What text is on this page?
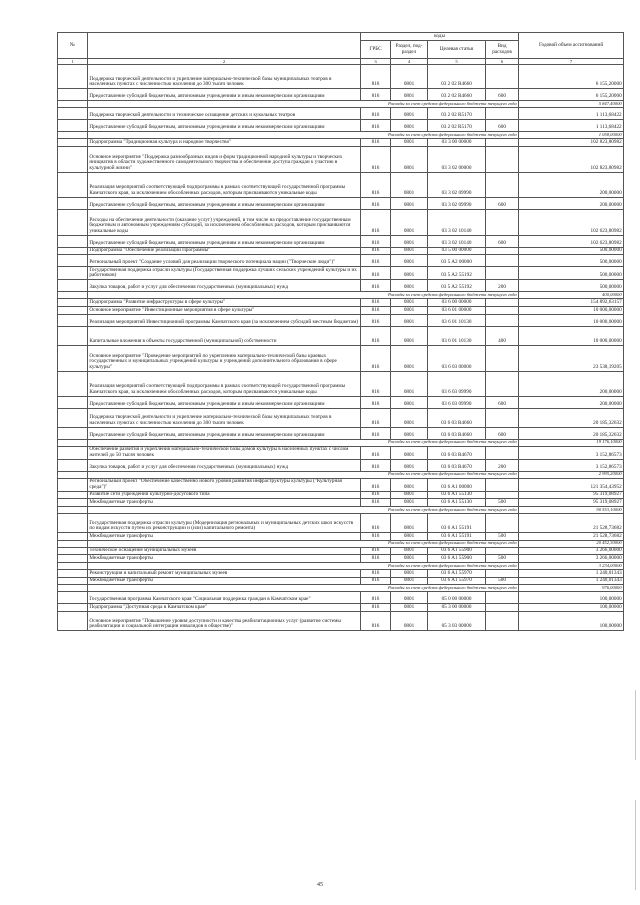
№		коды				Годовой объем ассигнований
		ГРБС	Раздел, под-раздел	Целевая статья	Вид расходов	
1	2	3	4	5	6	7
	Поддержка творческой деятельности и укрепление материально-технической базы муниципальных театров в населенных пунктах с численностью населения до 300 тысяч человек	816	0801	03 2 02 R4660		6 155,20000
	Предоставление субсидий бюджетным, автономным учреждениям и иным некоммерческим организациям	816	0801	03 2 02 R4660	600	6 155,20000
	Расходы за счет средств федерального бюджета текущего года					5 847,40000
	Поддержка творческой деятельности и техническое оснащение детских и кукольных театров	816	0801	03 2 02 R5170		1 113,68422
	Предоставление субсидий бюджетным, автономным учреждениям и иным некоммерческим организациям	816	0801	03 2 02 R5170	600	1 113,68422
	Расходы за счет средств федерального бюджета текущего года					1 058,00000
	Подпрограмма "Традиционная культура и народное творчество"	816	0801	03 3 00 00000		102 823,80982
	Основное мероприятие "Поддержка разнообразных видов и форм традиционной народной культуры и творческих инициатив в области художественного самодеятельного творчества и обеспечение доступа граждан к участию в культурной жизни"	816	0801	03 3 02 00000		102 823,80982
	Реализация мероприятий соответствующей подпрограммы в рамках соответствующей государственной программы Камчатского края, за исключением обособленных расходов, которым присваиваются уникальные коды	816	0801	03 3 02 09990		200,00000
	Предоставление субсидий бюджетным, автономным учреждениям и иным некоммерческим организациям	816	0801	03 3 02 09990	600	200,00000
	Расходы на обеспечение деятельности (оказание услуг) учреждений, в том числе на предоставление государственным бюджетным и автономным учреждениям субсидий, за исключением обособленных расходов, которым присваиваются уникальные коды	816	0801	03 3 02 10140		102 623,80982
	Предоставление субсидий бюджетным, автономным учреждениям и иным некоммерческим организациям	816	0801	03 3 02 10140	600	102 623,80982
	Подпрограмма "Обеспечение реализации Программы"	816	0801	03 5 00 00000		500,00000
	Региональный проект "Создание условий для реализации творческого потенциала нации ("Творческие люди")"	816	0801	03 5 A2 00000		500,00000
	Государственная поддержка отрасли культуры (Государственная поддержка лучших сельских учреждений культуры и их работников)	816	0801	03 5 A2 55192		500,00000
	Закупка товаров, работ и услуг для обеспечения государственных (муниципальных) нужд	816	0801	03 5 A2 55192	200	500,00000
	Расходы за счет средств федерального бюджета текущего года					400,00000
	Подпрограмма "Развитие инфраструктуры в сфере культуры"	816	0801	03 6 00 00000		154 892,63157
	Основное мероприятие "Инвестиционные мероприятия в сфере культуры"	816	0801	03 6 01 00000		10 000,00000
	Реализация мероприятий Инвестиционной программы Камчатского края (за исключением субсидий местным бюджетам)	816	0801	03 6 01 10130		10 000,00000
	Капитальные вложения в объекты государственной (муниципальной) собственности	816	0801	03 6 01 10130	400	10 000,00000
	Основное мероприятие "Проведение мероприятий по укреплению материально-технической базы краевых государственных и муниципальных учреждений культуры и учреждений дополнительного образования в сфере культуры"	816	0801	03 6 03 00000		23 538,19205
	Реализация мероприятий соответствующей подпрограммы в рамках соответствующей государственной программы Камчатского края, за исключением обособленных расходов, которым присваиваются уникальные коды	816	0801	03 6 03 09990		200,00000
	Предоставление субсидий бюджетным, автономным учреждениям и иным некоммерческим организациям	816	0801	03 6 03 09990	600	200,00000
	Поддержка творческой деятельности и укрепление материально-технической базы муниципальных театров в населенных пунктах с численностью населения до 300 тысяч человек	816	0801	03 6 03 R4660		20 185,32632
	Предоставление субсидий бюджетным, автономным учреждениям и иным некоммерческим организациям	816	0801	03 6 03 R4660	600	20 185,32632
	Расходы за счет средств федерального бюджета текущего года					19 176,10000
	Обеспечение развития и укрепления материально-технической базы домов культуры в населенных пунктах с числом жителей до 50 тысяч человек	816	0801	03 6 03 R4670		3 152,86573
	Закупка товаров, работ и услуг для обеспечения государственных (муниципальных) нужд	816	0801	03 6 03 R4670	200	3 152,86573
	Расходы за счет средств федерального бюджета текущего года					2 995,20000
	Региональный проект "Обеспечение качественно нового уровня развития инфраструктуры культуры ("Культурная среда")"	816	0801	03 6 A1 00000		121 354,43952
	Развитие сети учреждений культурно-досугового типа	816	0801	03 6 A1 55130		95 319,08927
	Межбюджетные трансферты	816	0801	03 6 A1 55130	500	95 319,08927
	Расходы за счет средств федерального бюджета текущего года					90 553,10000
	Государственная поддержка отрасли культуры (Модернизация региональных и муниципальных детских школ искусств по видам искусств путем их реконструкции и (или) капитального ремонта)	816	0801	03 6 A1 55191		21 528,73682
	Межбюджетные трансферты	816	0801	03 6 A1 55191	500	21 528,73682
	Расходы за счет средств федерального бюджета текущего года					20 452,30000
	Техническое оснащение муниципальных музеев	816	0801	03 6 A1 55900		3 266,00000
	Межбюджетные трансферты	816	0801	03 6 A1 55900	500	3 266,00000
	Расходы за счет средств федерального бюджета текущего года					3 234,00000
	Реконструкция и капитальный ремонт муниципальных музеев	816	0801	03 6 A1 55970		1 240,01343
	Межбюджетные трансферты	816	0801	03 6 A1 55970	500	1 240,01343
	Расходы за счет средств федерального бюджета текущего года					976,00000
	Государственная программа Камчатского края "Социальная поддержка граждан в Камчатском крае"	816	0801	05 0 00 00000		100,00000
	Подпрограмма "Доступная среда в Камчатском крае"	816	0801	05 3 00 00000		100,00000
	Основное мероприятие "Повышение уровня доступности и качества реабилитационных услуг (развитие системы реабилитации и социальной интеграции инвалидов в обществе)"	816	0801	05 3 03 00000		100,00000
45
